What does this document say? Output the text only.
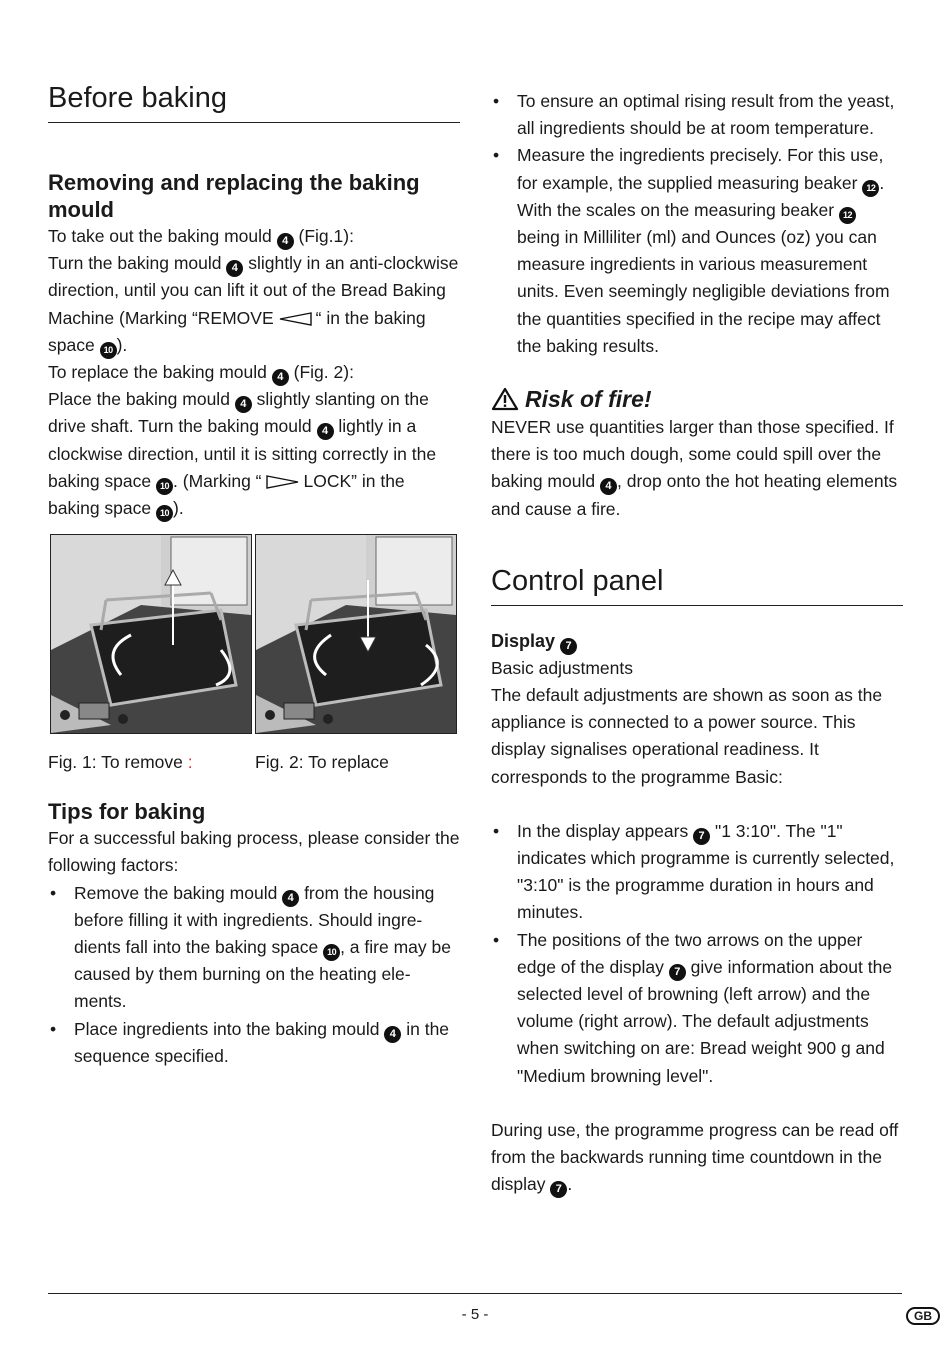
Before baking
Removing and replacing the baking mould

To take out the baking mould 4 (Fig.1):

Turn the baking mould 4 slightly in an anti-clockwise direction, until you can lift it out of the Bread Baking Machine (Marking “REMOVE “ in the baking space 10 ).

To replace the baking mould 4 (Fig. 2):

Place the baking mould 4 slightly slanting on the drive shaft. Turn the baking mould 4 lightly in a clockwise direction, until it is sitting correctly in the baking space 10 . (Marking “ LOCK” in the baking space 10 ).

Fig. 1: To remove :	Fig. 2: To replace
Tips for baking

For a successful baking process, please consider the following factors:

• Remove the baking mould 4 from the housing before filling it with ingredients. Should ingre-dients fall into the baking space 10 , a fire may be caused by them burning on the heating ele-ments.
• Place ingredients into the baking mould 4 in the sequence specified.
• To ensure an optimal rising result from the yeast, all ingredients should be at room temperature.
• Measure the ingredients precisely. For this use, for example, the supplied measuring beaker 12 . With the scales on the measuring beaker 12 being in Milliliter (ml) and Ounces (oz) you can measure ingredients in various measurement units. Even seemingly negligible deviations from the quantities specified in the recipe may affect the baking results.
Risk of fire!

NEVER use quantities larger than those specified. If there is too much dough, some could spill over the baking mould 4 , drop onto the hot heating elements and cause a fire.

Control panel
Display 7

Basic adjustments

The default adjustments are shown as soon as the appliance is connected to a power source. This display signalises operational readiness. It corresponds to the programme Basic:

• In the display appears 7 "1 3:10". The "1" indicates which programme is currently selected, "3:10" is the programme duration in hours and minutes.
• The positions of the two arrows on the upper edge of the display 7 give information about the selected level of browning (left arrow) and the volume (right arrow). The default adjustments when switching on are: Bread weight 900 g and "Medium browning level".

During use, the programme progress can be read off from the backwards running time countdown in the display 7 .

- 5 -	GB
